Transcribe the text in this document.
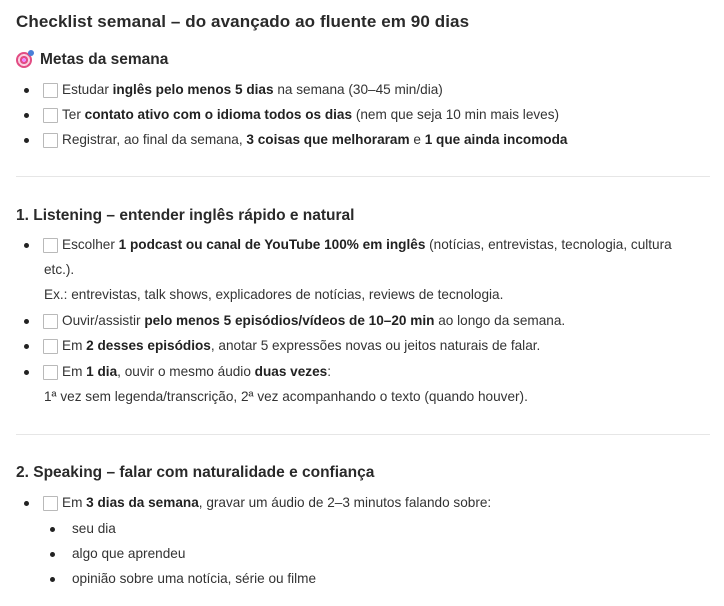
Checklist semanal – do avançado ao fluente em 90 dias
Metas da semana
Estudar inglês pelo menos 5 dias na semana (30–45 min/dia)
Ter contato ativo com o idioma todos os dias (nem que seja 10 min mais leves)
Registrar, ao final da semana, 3 coisas que melhoraram e 1 que ainda incomoda
1. Listening – entender inglês rápido e natural
Escolher 1 podcast ou canal de YouTube 100% em inglês (notícias, entrevistas, tecnologia, cultura
etc.).
Ex.: entrevistas, talk shows, explicadores de notícias, reviews de tecnologia.
Ouvir/assistir pelo menos 5 episódios/vídeos de 10–20 min ao longo da semana.
Em 2 desses episódios, anotar 5 expressões novas ou jeitos naturais de falar.
Em 1 dia, ouvir o mesmo áudio duas vezes:
1ª vez sem legenda/transcrição, 2ª vez acompanhando o texto (quando houver).
2. Speaking – falar com naturalidade e confiança
Em 3 dias da semana, gravar um áudio de 2–3 minutos falando sobre:
seu dia
algo que aprendeu
opinião sobre uma notícia, série ou filme
